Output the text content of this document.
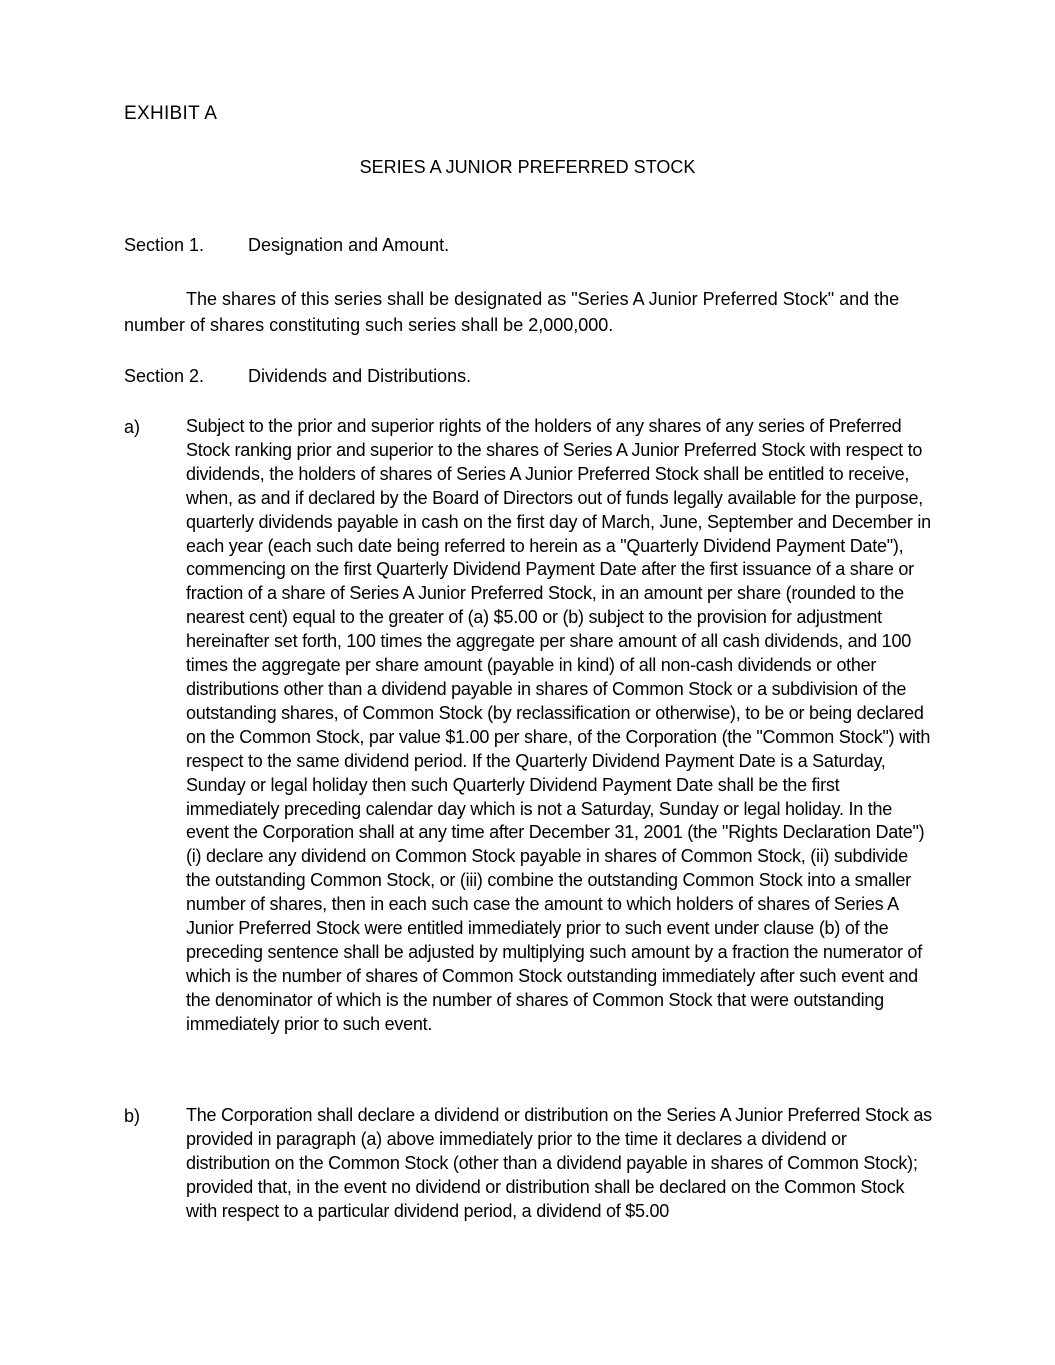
EXHIBIT A
SERIES A JUNIOR PREFERRED STOCK
Section 1. Designation and Amount.
The shares of this series shall be designated as "Series A Junior Preferred Stock" and the number of shares constituting such series shall be 2,000,000.
Section 2. Dividends and Distributions.
a)	Subject to the prior and superior rights of the holders of any shares of any series of Preferred Stock ranking prior and superior to the shares of Series A Junior Preferred Stock with respect to dividends, the holders of shares of Series A Junior Preferred Stock shall be entitled to receive, when, as and if declared by the Board of Directors out of funds legally available for the purpose, quarterly dividends payable in cash on the first day of March, June, September and December in each year (each such date being referred to herein as a "Quarterly Dividend Payment Date"), commencing on the first Quarterly Dividend Payment Date after the first issuance of a share or fraction of a share of Series A Junior Preferred Stock, in an amount per share (rounded to the nearest cent) equal to the greater of (a) $5.00 or (b) subject to the provision for adjustment hereinafter set forth, 100 times the aggregate per share amount of all cash dividends, and 100 times the aggregate per share amount (payable in kind) of all non-cash dividends or other distributions other than a dividend payable in shares of Common Stock or a subdivision of the outstanding shares, of Common Stock (by reclassification or otherwise), to be or being declared on the Common Stock, par value $1.00 per share, of the Corporation (the "Common Stock") with respect to the same dividend period. If the Quarterly Dividend Payment Date is a Saturday, Sunday or legal holiday then such Quarterly Dividend Payment Date shall be the first immediately preceding calendar day which is not a Saturday, Sunday or legal holiday. In the event the Corporation shall at any time after December 31, 2001 (the "Rights Declaration Date") (i) declare any dividend on Common Stock payable in shares of Common Stock, (ii) subdivide the outstanding Common Stock, or (iii) combine the outstanding Common Stock into a smaller number of shares, then in each such case the amount to which holders of shares of Series A Junior Preferred Stock were entitled immediately prior to such event under clause (b) of the preceding sentence shall be adjusted by multiplying such amount by a fraction the numerator of which is the number of shares of Common Stock outstanding immediately after such event and the denominator of which is the number of shares of Common Stock that were outstanding immediately prior to such event.
b)	The Corporation shall declare a dividend or distribution on the Series A Junior Preferred Stock as provided in paragraph (a) above immediately prior to the time it declares a dividend or distribution on the Common Stock (other than a dividend payable in shares of Common Stock); provided that, in the event no dividend or distribution shall be declared on the Common Stock with respect to a particular dividend period, a dividend of $5.00
